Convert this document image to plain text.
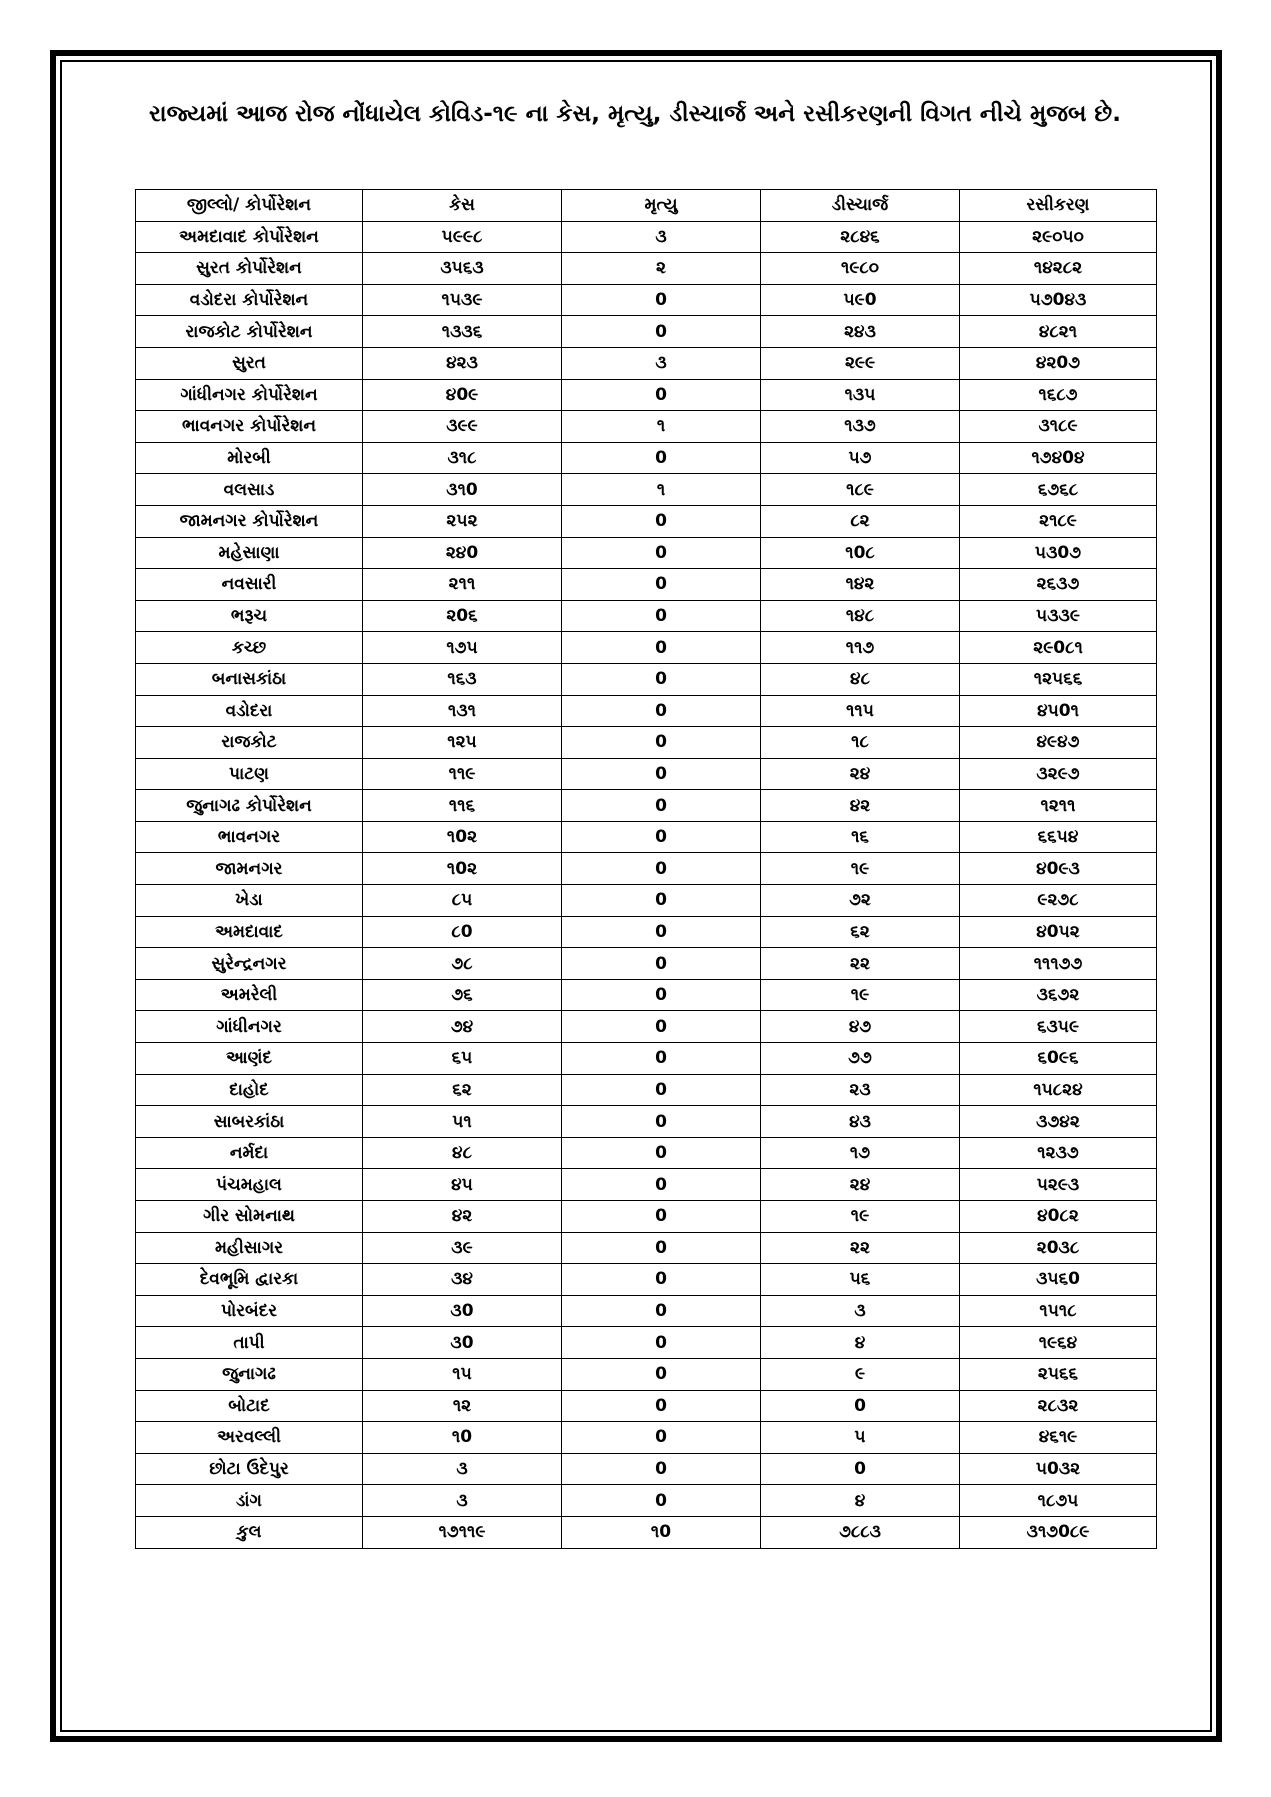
રાજ્યમાં આજ રોજ નોંધાયેલ કોવિડ-૧૯ ના કેસ, મૃત્યુ, ડીસ્ચાર્જ અને રસીકરણની વિગત નીચે મુજબ છે.
જીલ્લો/ કોર્પોરેશન	કેસ	મૃત્યુ	ડીસ્ચાર્જ	રસીકરણ
અમદાવાદ કોર્પોરેશન	૫૯૯૮	૩	૨૮૪૬	૨૯૦૫૦
સુરત કોર્પોરેશન	૩૫૬૩	૨	૧૯૮૦	૧૪૨૮૨
વડોદરા કોર્પોરેશન	૧૫૩૯	0	૫૯0	૫૭0૪૩
રાજકોટ કોર્પોરેશન	૧૩૩૬	0	૨૪૩	૪૮૨૧
સુરત	૪૨૩	૩	૨૯૯	૪૨0૭
ગાંધીનગર કોર્પોરેશન	૪0૯	0	૧૩૫	૧૬૮૭
ભાવનગર કોર્પોરેશન	૩૯૯	૧	૧૩૭	૩૧૮૯
મોરબી	૩૧૮	0	૫૭	૧૭૪0૪
વલસાડ	૩૧0	૧	૧૮૯	૬૭૬૮
જામનગર કોર્પોરેશન	૨૫૨	0	૮૨	૨૧૮૯
મહેસાણા	૨૪0	0	૧0૮	૫૩0૭
નવસારી	૨૧૧	0	૧૪૨	૨૬૩૭
ભરૂચ	૨0૬	0	૧૪૮	૫૩૩૯
કચ્છ	૧૭૫	0	૧૧૭	૨૯0૮૧
બનાસકાંઠા	૧૬૩	0	૪૮	૧૨૫૬૬
વડોદરા	૧૩૧	0	૧૧૫	૪૫0૧
રાજકોટ	૧૨૫	0	૧૮	૪૯૪૭
પાટણ	૧૧૯	0	૨૪	૩૨૯૭
જુનાગઢ કોર્પોરેશન	૧૧૬	0	૪૨	૧૨૧૧
ભાવનગર	૧0૨	0	૧૬	૬૬૫૪
જામનગર	૧0૨	0	૧૯	૪0૯૩
ખેડા	૮૫	0	૭૨	૯૨૭૮
અમદાવાદ	૮0	0	૬૨	૪0૫૨
સુરેન્દ્રનગર	૭૮	0	૨૨	૧૧૧૭૭
અમરેલી	૭૬	0	૧૯	૩૬૭૨
ગાંધીનગર	૭૪	0	૪૭	૬૩૫૯
આણંદ	૬૫	0	૭૭	૬0૯૬
દાહોદ	૬૨	0	૨૩	૧૫૮૨૪
સાબરકાંઠા	૫૧	0	૪૩	૩૭૪૨
નર્મદા	૪૮	0	૧૭	૧૨૩૭
પંચમહાલ	૪૫	0	૨૪	૫૨૯૩
ગીર સોમનાથ	૪૨	0	૧૯	૪0૮૨
મહીસાગર	૩૯	0	૨૨	૨0૩૮
દેવભૂમિ દ્વારકા	૩૪	0	૫૬	૩૫૬0
પોરબંદર	૩0	0	૩	૧૫૧૮
તાપી	૩0	0	૪	૧૯૬૪
જુનાગઢ	૧૫	0	૯	૨૫૬૬
બોટાદ	૧૨	0	0	૨૮૩૨
અરવલ્લી	૧0	0	૫	૪૬૧૯
છોટા ઉદેપુર	૩	0	0	૫0૩૨
ડાંગ	૩	0	૪	૧૮૭૫
કુલ	૧૭૧૧૯	૧0	૭૮૮૩	૩૧૭0૮૯
